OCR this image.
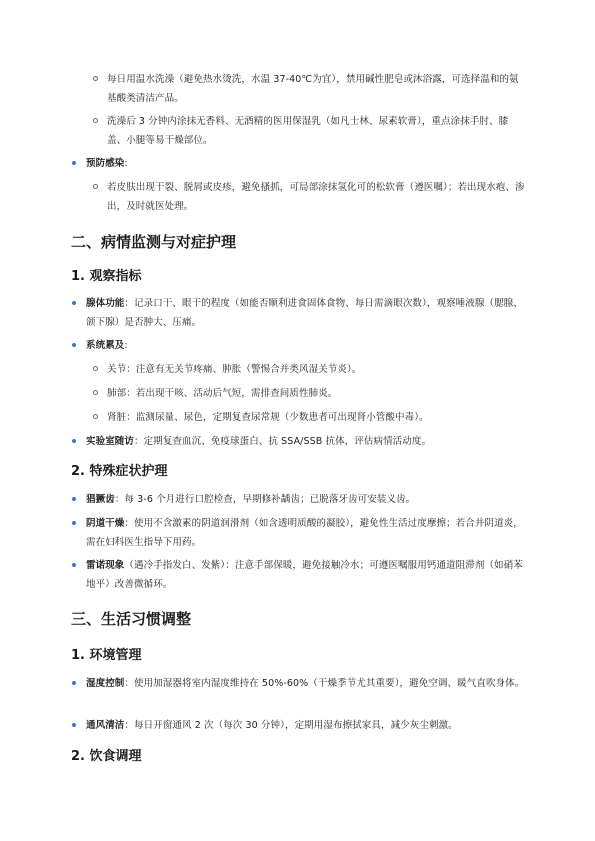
每日用温水洗澡（避免热水烫洗，水温 37-40℃为宜），禁用碱性肥皂或沐浴露，可选择温和的氨基酸类清洁产品。
洗澡后 3 分钟内涂抹无香料、无酒精的医用保湿乳（如凡士林、尿素软膏），重点涂抹手肘、膝盖、小腿等易干燥部位。
预防感染:
若皮肤出现干裂、脱屑或皮疹，避免搔抓，可局部涂抹氢化可的松软膏（遵医嘱）；若出现水疱、渗出，及时就医处理。
二、病情监测与对症护理
1. 观察指标
腺体功能：记录口干、眼干的程度（如能否顺利进食固体食物、每日需滴眼次数），观察唾液腺（腮腺、颌下腺）是否肿大、压痛。
系统累及:
关节：注意有无关节疼痛、肿胀（警惕合并类风湿关节炎）。
肺部：若出现干咳、活动后气短，需排查间质性肺炎。
肾脏：监测尿量、尿色，定期复查尿常规（少数患者可出现肾小管酸中毒）。
实验室随访：定期复查血沉、免疫球蛋白、抗 SSA/SSB 抗体，评估病情活动度。
2. 特殊症状护理
猖獗齿：每 3-6 个月进行口腔检查，早期修补龋齿；已脱落牙齿可安装义齿。
阴道干燥：使用不含激素的阴道润滑剂（如含透明质酸的凝胶），避免性生活过度摩擦；若合并阴道炎，需在妇科医生指导下用药。
雷诺现象（遇冷手指发白、发紫）：注意手部保暖，避免接触冷水；可遵医嘱服用钙通道阻滞剂（如硝苯地平）改善微循环。
三、生活习惯调整
1. 环境管理
湿度控制：使用加湿器将室内湿度维持在 50%-60%（干燥季节尤其重要），避免空调、暖气直吹身体。
通风清洁：每日开窗通风 2 次（每次 30 分钟），定期用湿布擦拭家具，减少灰尘刺激。
2. 饮食调理
